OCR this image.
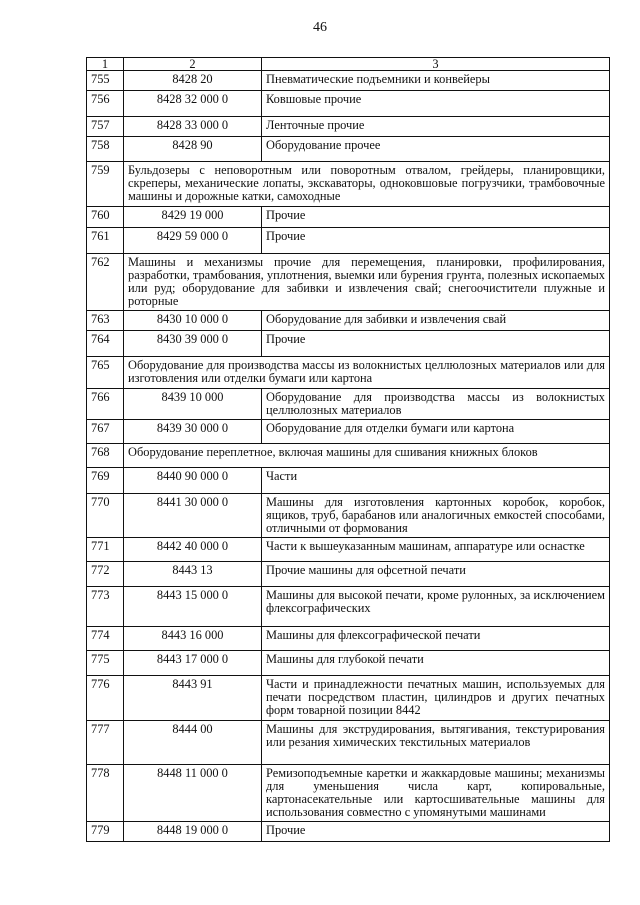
46
1	2	3
755	8428 20	Пневматические подъемники и конвейеры
756	8428 32 000 0	Ковшовые прочие
757	8428 33 000 0	Ленточные прочие
758	8428 90	Оборудование прочее
759	Бульдозеры с неповоротным или поворотным отвалом, грейдеры, планировщики, скреперы, механические лопаты, экскаваторы, одноковшовые погрузчики, трамбовочные машины и дорожные катки, самоходные	
760	8429 19 000	Прочие
761	8429 59 000 0	Прочие
762	Машины и механизмы прочие для перемещения, планировки, профилирования, разработки, трамбования, уплотнения, выемки или бурения грунта, полезных ископаемых или руд; оборудование для забивки и извлечения свай; снегоочистители плужные и роторные	
763	8430 10 000 0	Оборудование для забивки и извлечения свай
764	8430 39 000 0	Прочие
765	Оборудование для производства массы из волокнистых целлюлозных материалов или для изготовления или отделки бумаги или картона	
766	8439 10 000	Оборудование для производства массы из волокнистых целлюлозных материалов
767	8439 30 000 0	Оборудование для отделки бумаги или картона
768	Оборудование переплетное, включая машины для сшивания книжных блоков	
769	8440 90 000 0	Части
770	8441 30 000 0	Машины для изготовления картонных коробок, коробок, ящиков, труб, барабанов или аналогичных емкостей способами, отличными от формования
771	8442 40 000 0	Части к вышеуказанным машинам, аппаратуре или оснастке
772	8443 13	Прочие машины для офсетной печати
773	8443 15 000 0	Машины для высокой печати, кроме рулонных, за исключением флексографических
774	8443 16 000	Машины для флексографической печати
775	8443 17 000 0	Машины для глубокой печати
776	8443 91	Части и принадлежности печатных машин, используемых для печати посредством пластин, цилиндров и других печатных форм товарной позиции 8442
777	8444 00	Машины для экструдирования, вытягивания, текстурирования или резания химических текстильных материалов
778	8448 11 000 0	Ремизоподъемные каретки и жаккардовые машины; механизмы для уменьшения числа карт, копировальные, картонасекательные или картосшивательные машины для использования совместно с упомянутыми машинами
779	8448 19 000 0	Прочие
